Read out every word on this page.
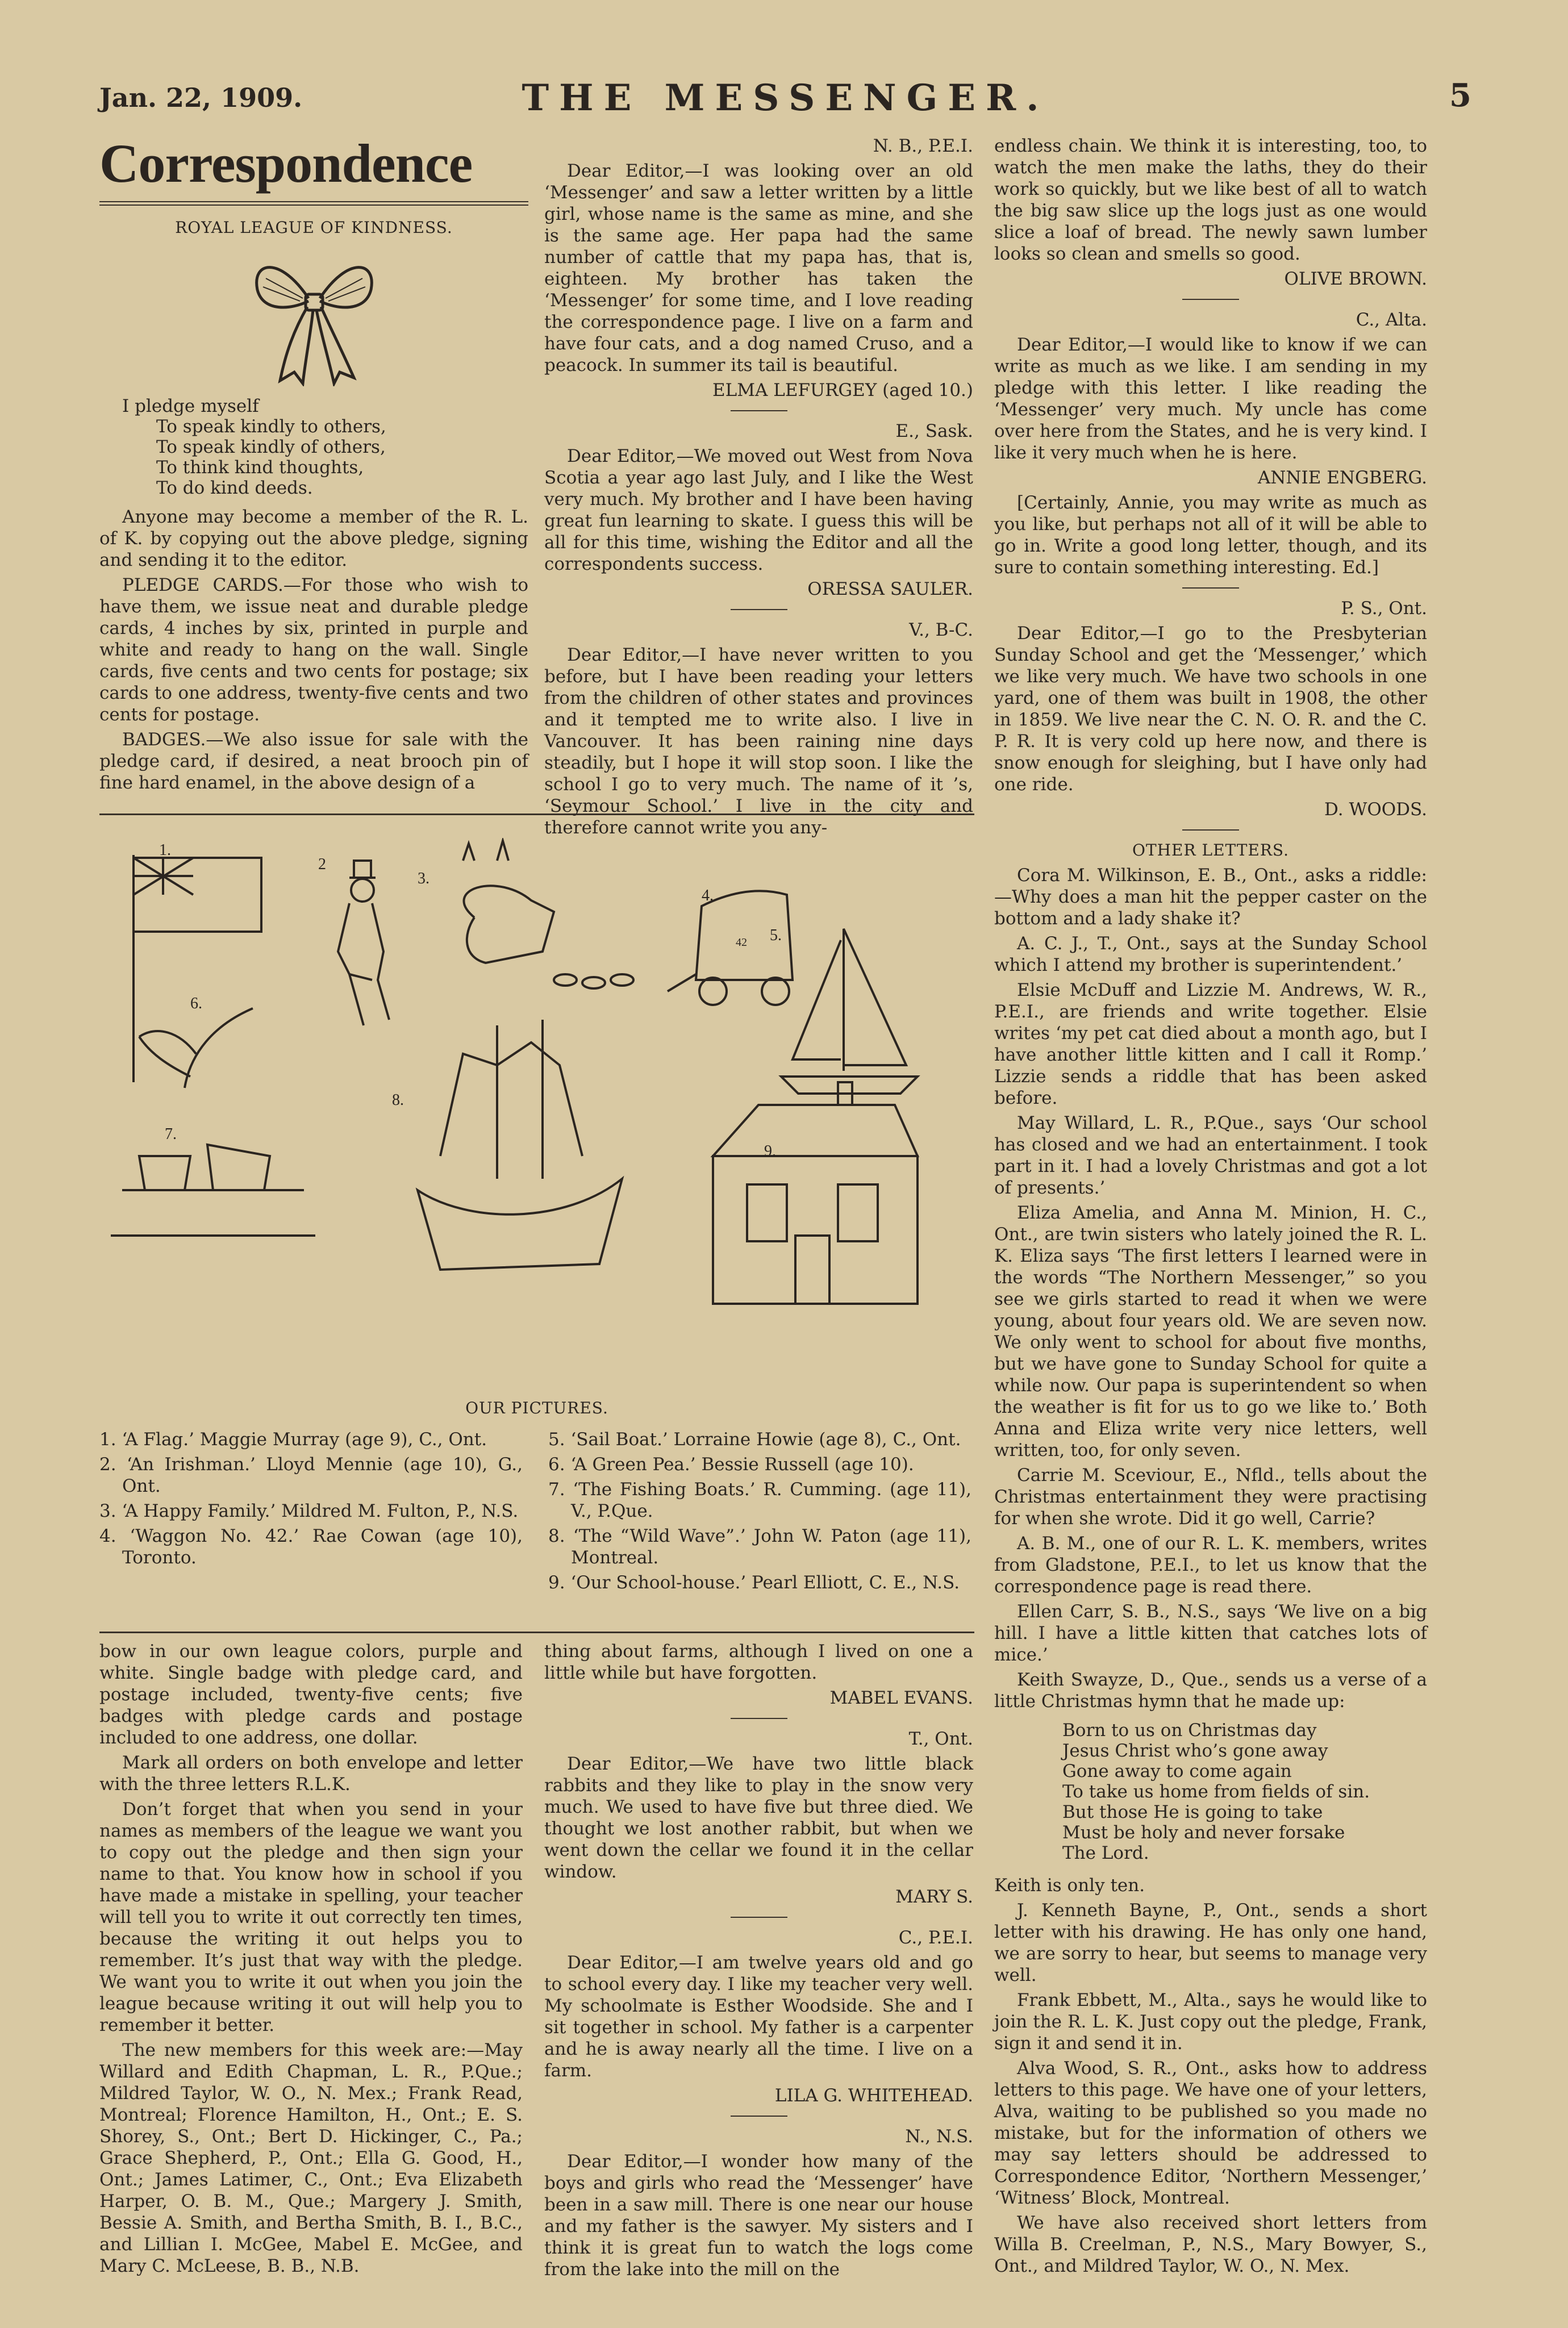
Jan. 22, 1909.	THE MESSENGER.	5
Correspondence

ROYAL LEAGUE OF KINDNESS.

I pledge myself
To speak kindly to others,
To speak kindly of others,
To think kind thoughts,
To do kind deeds.

Anyone may become a member of the R. L. of K. by copying out the above pledge, signing and sending it to the editor.

PLEDGE CARDS.—For those who wish to have them, we issue neat and durable pledge cards, 4 inches by six, printed in purple and white and ready to hang on the wall. Single cards, five cents and two cents for postage; six cards to one address, twenty-five cents and two cents for postage.

BADGES.—We also issue for sale with the pledge card, if desired, a neat brooch pin of fine hard enamel, in the above design of a

N. B., P.E.I.

Dear Editor,—I was looking over an old ‘Messenger’ and saw a letter written by a little girl, whose name is the same as mine, and she is the same age. Her papa had the same number of cattle that my papa has, that is, eighteen. My brother has taken the ‘Messenger’ for some time, and I love reading the correspondence page. I live on a farm and have four cats, and a dog named Cruso, and a peacock. In summer its tail is beautiful.

ELMA LEFURGEY (aged 10.)

E., Sask.

Dear Editor,—We moved out West from Nova Scotia a year ago last July, and I like the West very much. My brother and I have been having great fun learning to skate. I guess this will be all for this time, wishing the Editor and all the correspondents success.

ORESSA SAULER.

V., B-C.

Dear Editor,—I have never written to you before, but I have been reading your letters from the children of other states and provinces and it tempted me to write also. I live in Vancouver. It has been raining nine days steadily, but I hope it will stop soon. I like the school I go to very much. The name of it ’s, ‘Seymour School.’ I live in the city and therefore cannot write you any-

endless chain. We think it is interesting, too, to watch the men make the laths, they do their work so quickly, but we like best of all to watch the big saw slice up the logs just as one would slice a loaf of bread. The newly sawn lumber looks so clean and smells so good.

OLIVE BROWN.

C., Alta.

Dear Editor,—I would like to know if we can write as much as we like. I am sending in my pledge with this letter. I like reading the ‘Messenger’ very much. My uncle has come over here from the States, and he is very kind. I like it very much when he is here.

ANNIE ENGBERG.

[Certainly, Annie, you may write as much as you like, but perhaps not all of it will be able to go in. Write a good long letter, though, and its sure to contain something interesting. Ed.]

P. S., Ont.

Dear Editor,—I go to the Presbyterian Sunday School and get the ‘Messenger,’ which we like very much. We have two schools in one yard, one of them was built in 1908, the other in 1859. We live near the C. N. O. R. and the C. P. R. It is very cold up here now, and there is snow enough for sleighing, but I have only had one ride.

D. WOODS.

OTHER LETTERS.

Cora M. Wilkinson, E. B., Ont., asks a riddle:—Why does a man hit the pepper caster on the bottom and a lady shake it?

A. C. J., T., Ont., says at the Sunday School which I attend my brother is superintendent.’

Elsie McDuff and Lizzie M. Andrews, W. R., P.E.I., are friends and write together. Elsie writes ‘my pet cat died about a month ago, but I have another little kitten and I call it Romp.’ Lizzie sends a riddle that has been asked before.

May Willard, L. R., P.Que., says ‘Our school has closed and we had an entertainment. I took part in it. I had a lovely Christmas and got a lot of presents.’

Eliza Amelia, and Anna M. Minion, H. C., Ont., are twin sisters who lately joined the R. L. K. Eliza says ‘The first letters I learned were in the words “The Northern Messenger,” so you see we girls started to read it when we were young, about four years old. We are seven now. We only went to school for about five months, but we have gone to Sunday School for quite a while now. Our papa is superintendent so when the weather is fit for us to go we like to.’ Both Anna and Eliza write very nice letters, well written, too, for only seven.

Carrie M. Sceviour, E., Nfld., tells about the Christmas entertainment they were practising for when she wrote. Did it go well, Carrie?

A. B. M., one of our R. L. K. members, writes from Gladstone, P.E.I., to let us know that the correspondence page is read there.

Ellen Carr, S. B., N.S., says ‘We live on a big hill. I have a little kitten that catches lots of mice.’

Keith Swayze, D., Que., sends us a verse of a little Christmas hymn that he made up:

Born to us on Christmas day
Jesus Christ who’s gone away
Gone away to come again
To take us home from fields of sin.
But those He is going to take
Must be holy and never forsake
The Lord.

Keith is only ten.

J. Kenneth Bayne, P., Ont., sends a short letter with his drawing. He has only one hand, we are sorry to hear, but seems to manage very well.

Frank Ebbett, M., Alta., says he would like to join the R. L. K. Just copy out the pledge, Frank, sign it and send it in.

Alva Wood, S. R., Ont., asks how to address letters to this page. We have one of your letters, Alva, waiting to be published so you made no mistake, but for the information of others we may say letters should be addressed to Correspondence Editor, ‘Northern Messenger,’ ‘Witness’ Block, Montreal.

We have also received short letters from Willa B. Creelman, P., N.S., Mary Bowyer, S., Ont., and Mildred Taylor, W. O., N. Mex.

1.
2
3.
4.
5.
6.
7.
8.
9.
42

OUR PICTURES.

1. ‘A Flag.’ Maggie Murray (age 9), C., Ont.

2. ‘An Irishman.’ Lloyd Mennie (age 10), G., Ont.

3. ‘A Happy Family.’ Mildred M. Fulton, P., N.S.

4. ‘Waggon No. 42.’ Rae Cowan (age 10), Toronto.

5. ‘Sail Boat.’ Lorraine Howie (age 8), C., Ont.

6. ‘A Green Pea.’ Bessie Russell (age 10).

7. ‘The Fishing Boats.’ R. Cumming. (age 11), V., P.Que.

8. ‘The “Wild Wave”.’ John W. Paton (age 11), Montreal.

9. ‘Our School-house.’ Pearl Elliott, C. E., N.S.

bow in our own league colors, purple and white. Single badge with pledge card, and postage included, twenty-five cents; five badges with pledge cards and postage included to one address, one dollar.

Mark all orders on both envelope and letter with the three letters R.L.K.

Don’t forget that when you send in your names as members of the league we want you to copy out the pledge and then sign your name to that. You know how in school if you have made a mistake in spelling, your teacher will tell you to write it out correctly ten times, because the writing it out helps you to remember. It’s just that way with the pledge. We want you to write it out when you join the league because writing it out will help you to remember it better.

The new members for this week are:—May Willard and Edith Chapman, L. R., P.Que.; Mildred Taylor, W. O., N. Mex.; Frank Read, Montreal; Florence Hamilton, H., Ont.; E. S. Shorey, S., Ont.; Bert D. Hickinger, C., Pa.; Grace Shepherd, P., Ont.; Ella G. Good, H., Ont.; James Latimer, C., Ont.; Eva Elizabeth Harper, O. B. M., Que.; Margery J. Smith, Bessie A. Smith, and Bertha Smith, B. I., B.C., and Lillian I. McGee, Mabel E. McGee, and Mary C. McLeese, B. B., N.B.

thing about farms, although I lived on one a little while but have forgotten.

MABEL EVANS.

T., Ont.

Dear Editor,—We have two little black rabbits and they like to play in the snow very much. We used to have five but three died. We thought we lost another rabbit, but when we went down the cellar we found it in the cellar window.

MARY S.

C., P.E.I.

Dear Editor,—I am twelve years old and go to school every day. I like my teacher very well. My schoolmate is Esther Woodside. She and I sit together in school. My father is a carpenter and he is away nearly all the time. I live on a farm.

LILA G. WHITEHEAD.

N., N.S.

Dear Editor,—I wonder how many of the boys and girls who read the ‘Messenger’ have been in a saw mill. There is one near our house and my father is the sawyer. My sisters and I think it is great fun to watch the logs come from the lake into the mill on the
